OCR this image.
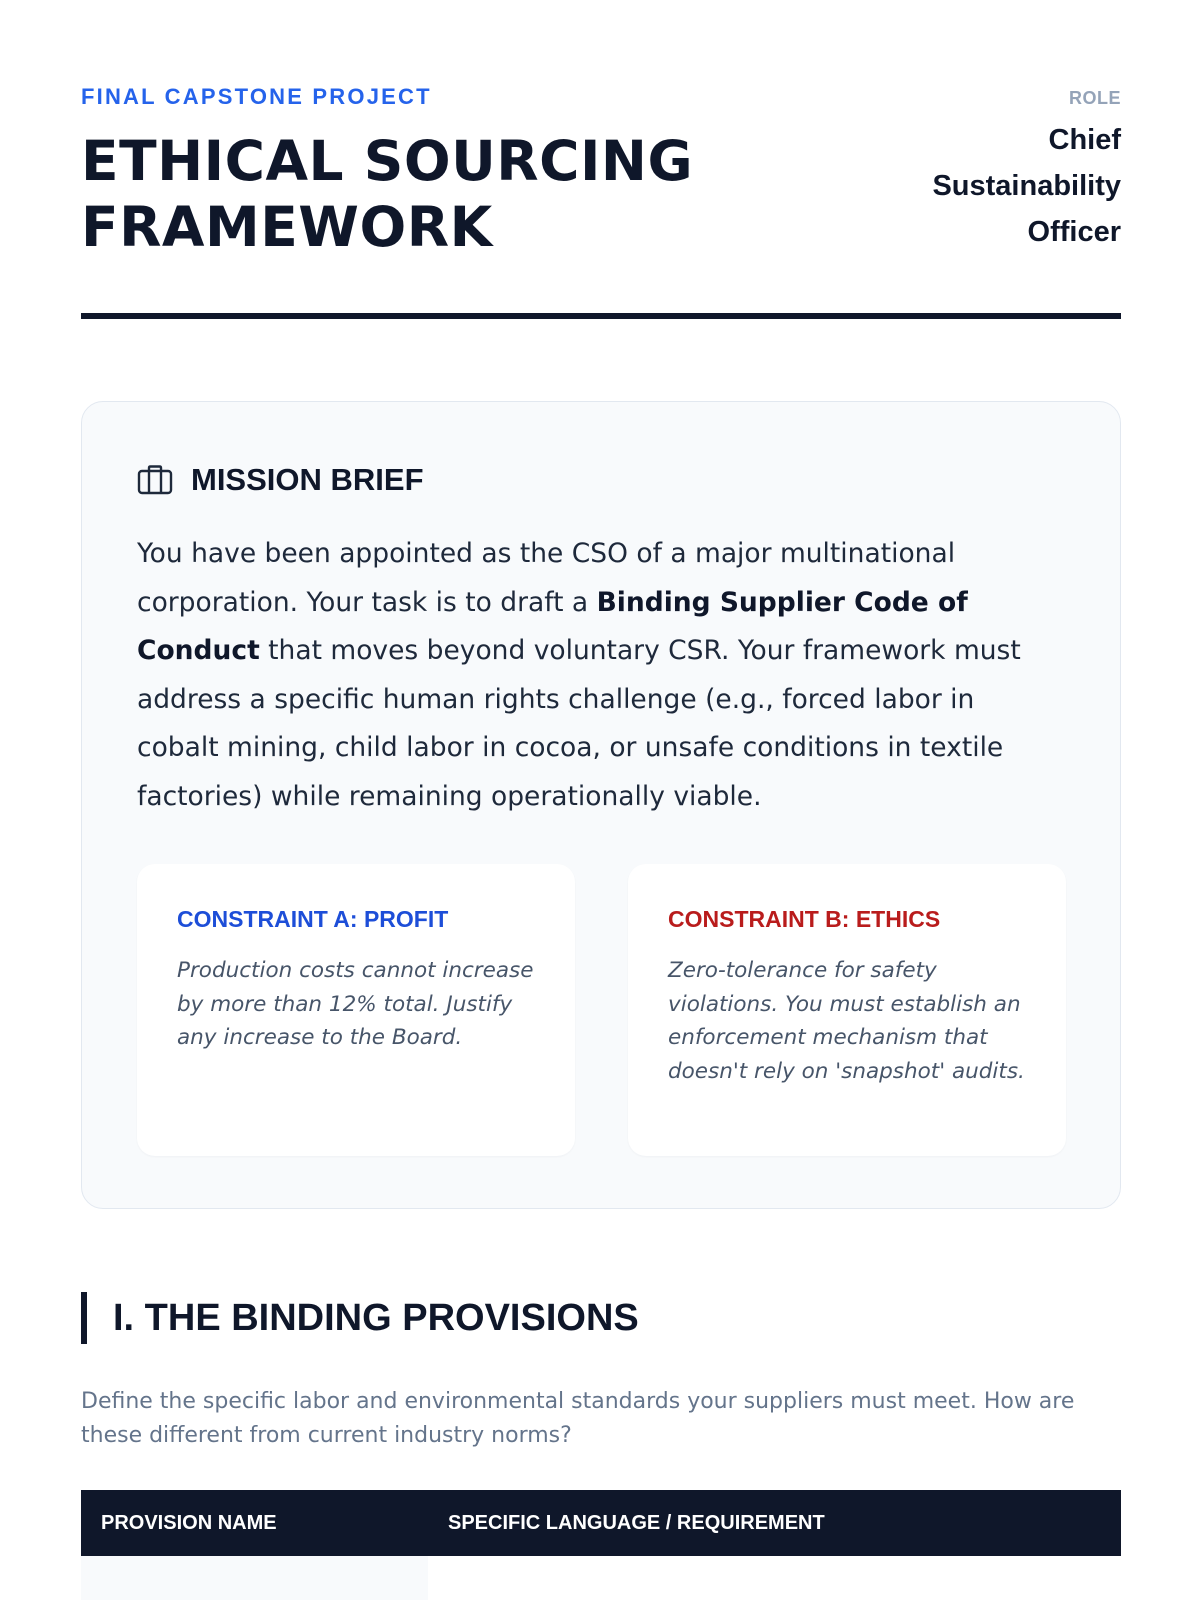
FINAL CAPSTONE PROJECT
ETHICAL SOURCING
FRAMEWORK
ROLE
Chief
Sustainability
Officer
MISSION BRIEF

You have been appointed as the CSO of a major multinational corporation. Your task is to draft a Binding Supplier Code of Conduct that moves beyond voluntary CSR. Your framework must address a specific human rights challenge (e.g., forced labor in cobalt mining, child labor in cocoa, or unsafe conditions in textile factories) while remaining operationally viable.

CONSTRAINT A: PROFIT
Production costs cannot increase by more than 12% total. Justify any increase to the Board.
CONSTRAINT B: ETHICS
Zero-tolerance for safety violations. You must establish an enforcement mechanism that doesn't rely on 'snapshot' audits.
I. THE BINDING PROVISIONS

Define the specific labor and environmental standards your suppliers must meet. How are these different from current industry norms?

PROVISION NAME	SPECIFIC LANGUAGE / REQUIREMENT
